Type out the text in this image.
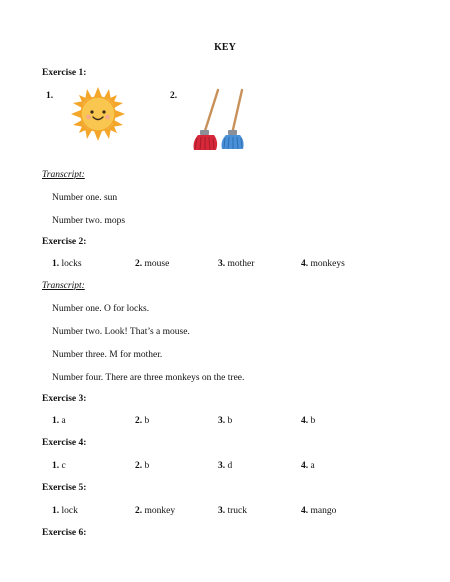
KEY
Exercise 1:
1.	2.
Transcript:
Number one. sun
Number two. mops
Exercise 2:
1. locks	2. mouse	3. mother	4. monkeys
Transcript:
Number one. O for locks.
Number two. Look! That’s a mouse.
Number three. M for mother.
Number four. There are three monkeys on the tree.
Exercise 3:
1. a	2. b	3. b	4. b
Exercise 4:
1. c	2. b	3. d	4. a
Exercise 5:
1. lock	2. monkey	3. truck	4. mango
Exercise 6:
